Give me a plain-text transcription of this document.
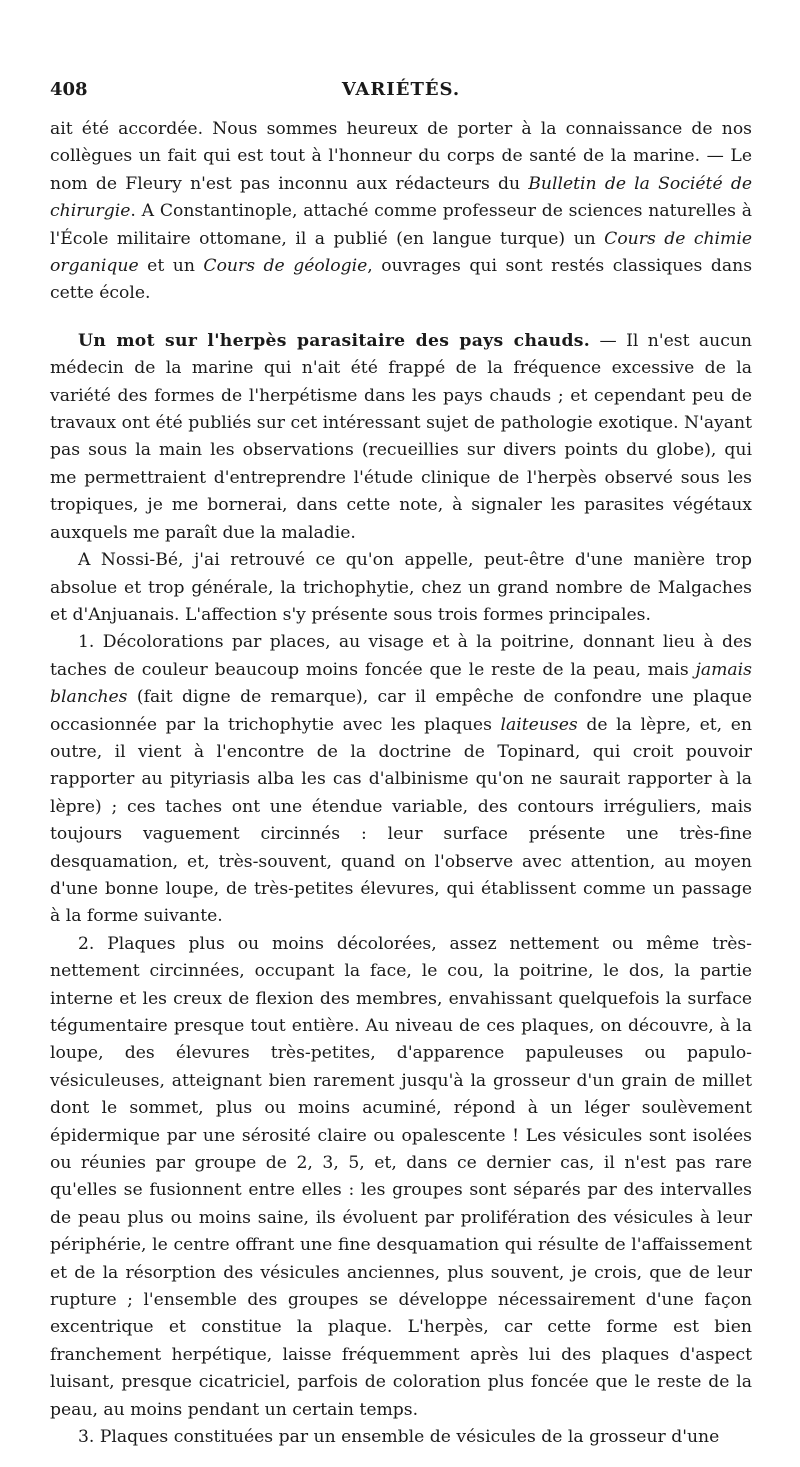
408	VARIÉTÉS.

ait été accordée. Nous sommes heureux de porter à la connaissance de nos collègues un fait qui est tout à l'honneur du corps de santé de la marine. — Le nom de Fleury n'est pas inconnu aux rédacteurs du Bulletin de la Société de chirurgie. A Constantinople, attaché comme professeur de sciences naturelles à l'École militaire ottomane, il a publié (en langue turque) un Cours de chimie organique et un Cours de géologie, ouvrages qui sont restés classiques dans cette école.

Un mot sur l'herpès parasitaire des pays chauds. — Il n'est aucun médecin de la marine qui n'ait été frappé de la fréquence excessive de la variété des formes de l'herpétisme dans les pays chauds ; et cependant peu de travaux ont été publiés sur cet intéressant sujet de pathologie exotique. N'ayant pas sous la main les observations (recueillies sur divers points du globe), qui me permettraient d'entreprendre l'étude clinique de l'herpès observé sous les tropiques, je me bornerai, dans cette note, à signaler les parasites végétaux auxquels me paraît due la maladie.

A Nossi-Bé, j'ai retrouvé ce qu'on appelle, peut-être d'une manière trop absolue et trop générale, la trichophytie, chez un grand nombre de Malgaches et d'Anjuanais. L'affection s'y présente sous trois formes principales.

1. Décolorations par places, au visage et à la poitrine, donnant lieu à des taches de couleur beaucoup moins foncée que le reste de la peau, mais jamais blanches (fait digne de remarque), car il empêche de confondre une plaque occasionnée par la trichophytie avec les plaques laiteuses de la lèpre, et, en outre, il vient à l'encontre de la doctrine de Topinard, qui croit pouvoir rapporter au pityriasis alba les cas d'albinisme qu'on ne saurait rapporter à la lèpre) ; ces taches ont une étendue variable, des contours irréguliers, mais toujours vaguement circinnés : leur surface présente une très-fine desquamation, et, très-souvent, quand on l'observe avec attention, au moyen d'une bonne loupe, de très-petites élevures, qui établissent comme un passage à la forme suivante.

2. Plaques plus ou moins décolorées, assez nettement ou même très-nettement circinnées, occupant la face, le cou, la poitrine, le dos, la partie interne et les creux de flexion des membres, envahissant quelquefois la surface tégumentaire presque tout entière. Au niveau de ces plaques, on découvre, à la loupe, des élevures très-petites, d'apparence papuleuses ou papulo-vésiculeuses, atteignant bien rarement jusqu'à la grosseur d'un grain de millet dont le sommet, plus ou moins acuminé, répond à un léger soulèvement épidermique par une sérosité claire ou opalescente ! Les vésicules sont isolées ou réunies par groupe de 2, 3, 5, et, dans ce dernier cas, il n'est pas rare qu'elles se fusionnent entre elles : les groupes sont séparés par des intervalles de peau plus ou moins saine, ils évoluent par prolifération des vésicules à leur périphérie, le centre offrant une fine desquamation qui résulte de l'affaissement et de la résorption des vésicules anciennes, plus souvent, je crois, que de leur rupture ; l'ensemble des groupes se développe nécessairement d'une façon excentrique et constitue la plaque. L'herpès, car cette forme est bien franchement herpétique, laisse fréquemment après lui des plaques d'aspect luisant, presque cicatriciel, parfois de coloration plus foncée que le reste de la peau, au moins pendant un certain temps.

3. Plaques constituées par un ensemble de vésicules de la grosseur d'une
